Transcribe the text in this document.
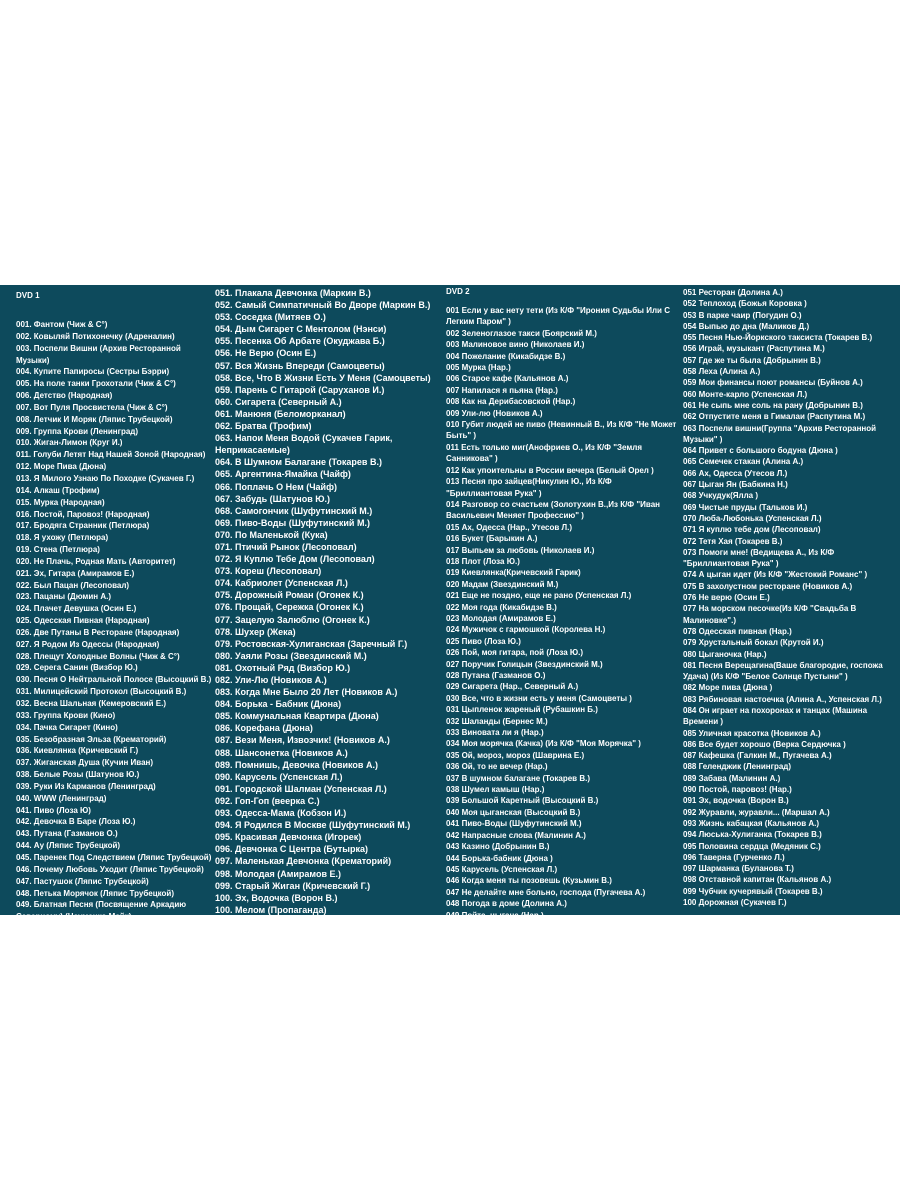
DVD 1

001. Фантом (Чиж & С°)
002. Ковыляй Потихонечку (Адреналин)
003. Поспели Вишни (Архив Ресторанной Музыки)
004. Купите Папиросы (Сестры Бэрри)
005. На поле танки Грохотали (Чиж & С°)
006. Детство (Народная)
007. Вот Пуля Просвистела (Чиж & С°)
008. Летчик И Моряк (Ляпис Трубецкой)
009. Группа Крови (Ленинград)
010. Жиган-Лимон (Круг И.)
011. Голуби Летят Над Нашей Зоной (Народная)
012. Море Пива (Дюна)
013. Я Милого Узнаю По Походке (Сукачев Г.)
014. Алкаш (Трофим)
015. Мурка (Народная)
016. Постой, Паровоз! (Народная)
017. Бродяга Странник (Петлюра)
018. Я ухожу (Петлюра)
019. Стена (Петлюра)
020. Не Плачь, Родная Мать (Авторитет)
021. Эх, Гитара (Амирамов Е.)
022. Был Пацан (Лесоповал)
023. Пацаны (Дюмин А.)
024. Плачет Девушка (Осин Е.)
025. Одесская Пивная (Народная)
026. Две Путаны В Ресторане (Народная)
027. Я Родом Из Одессы (Народная)
028. Плещут Холодные Волны (Чиж & С°)
029. Серега Санин (Визбор Ю.)
030. Песня О Нейтральной Полосе (Высоцкий В.)
031. Милицейский Протокол (Высоцкий В.)
032. Весна Шальная (Кемеровский Е.)
033. Группа Крови (Кино)
034. Пачка Сигарет (Кино)
035. Безобразная Эльза (Крематорий)
036. Киевлянка (Кричевский Г.)
037. Жиганская Душа (Кучин Иван)
038. Белые Розы (Шатунов Ю.)
039. Руки Из Карманов (Ленинград)
040. WWW (Ленинград)
041. Пиво (Лоза Ю)
042. Девочка В Баре (Лоза Ю.)
043. Путана (Газманов О.)
044. Ау (Ляпис Трубецкой)
045. Паренек Под Следствием (Ляпис Трубецкой)
046. Почему Любовь Уходит (Ляпис Трубецкой)
047. Пастушок (Ляпис Трубецкой)
048. Петька Морячок (Ляпис Трубецкой)
049. Блатная Песня (Посвящение Аркадию Северному) (Науменко Майк)
051. Плакала Девчонка (Маркин В.)
052. Самый Симпатичный Во Дворе (Маркин В.)
053. Соседка (Митяев О.)
054. Дым Сигарет С Ментолом (Нэнси)
055. Песенка Об Арбате (Окуджава Б.)
056. Не Верю (Осин Е.)
057. Вся Жизнь Впереди (Самоцветы)
058. Все, Что В Жизни Есть У Меня (Самоцветы)
059. Парень С Гитарой (Саруханов И.)
060. Сигарета (Северный А.)
061. Манюня (Беломорканал)
062. Братва (Трофим)
063. Напои Меня Водой (Сукачев Гарик, Неприкасаемые)
064. В Шумном Балагане (Токарев В.)
065. Аргентина-Ямайка (Чайф)
066. Поплачь О Нем (Чайф)
067. Забудь (Шатунов Ю.)
068. Самогончик (Шуфутинский М.)
069. Пиво-Воды (Шуфутинский М.)
070. По Маленькой (Кука)
071. Птичий Рынок (Лесоповал)
072. Я Куплю Тебе Дом (Лесоповал)
073. Кореш (Лесоповал)
074. Кабриолет (Успенская Л.)
075. Дорожный Роман (Огонек К.)
076. Прощай, Сережка (Огонек К.)
077. Зацелую Залюблю (Огонек К.)
078. Шухер (Жека)
079. Ростовская-Хулиганская (Заречный Г.)
080. Уаяли Розы (Звездинский М.)
081. Охотный Ряд (Визбор Ю.)
082. Ули-Лю (Новиков А.)
083. Когда Мне Было 20 Лет (Новиков А.)
084. Борька - Бабник (Дюна)
085. Коммунальная Квартира (Дюна)
086. Корефана (Дюна)
087. Вези Меня, Извозчик! (Новиков А.)
088. Шансонетка (Новиков А.)
089. Помнишь, Девочка (Новиков А.)
090. Карусель (Успенская Л.)
091. Городской Шалман (Успенская Л.)
092. Гоп-Гоп (веерка С.)
093. Одесса-Мама (Кобзон И.)
094. Я Родился В Москве (Шуфутинский М.)
095. Красивая Девчонка (Игорек)
096. Девчонка С Центра (Бутырка)
097. Маленькая Девчонка (Крематорий)
098. Молодая (Амирамов Е.)
099. Старый Жиган (Кричевский Г.)
100. Эх, Водочка (Ворон В.)
100. Мелом (Пропаганда)

DVD 2

001 Если у вас нету тети (Из К/Ф "Ирония Судьбы Или С Легким Паром" )
002 Зеленоглазое такси (Боярский М.)
003 Малиновое вино (Николаев И.)
004 Пожелание (Кикабидзе В.)
005 Мурка (Нар.)
006 Старое кафе (Кальянов А.)
007 Напилася я пьяна (Нар.)
008 Как на Дерибасовской (Нар.)
009 Ули-лю (Новиков А.)
010 Губит людей не пиво (Невинный В., Из К/Ф "Не Может Быть" )
011 Есть только миг(Анофриев О., Из К/Ф "Земля Санникова" )
012 Как упоительны в России вечера (Белый Орел )
013 Песня про зайцев(Никулин Ю., Из К/Ф "Бриллиантовая Рука" )
014 Разговор со счастьем (Золотухин В.,Из К/Ф "Иван Васильевич Меняет Профессию" )
015 Ах, Одесса (Нар., Утесов Л.)
016 Букет (Барыкин А.)
017 Выпьем за любовь (Николаев И.)
018 Плот (Лоза Ю.)
019 Киевлянка(Кричевский Гарик)
020 Мадам (Звездинский М.)
021 Еще не поздно, еще не рано (Успенская Л.)
022 Моя года (Кикабидзе В.)
023 Молодая (Амирамов Е.)
024 Мужичок с гармошкой (Королева Н.)
025 Пиво (Лоза Ю.)
026 Пой, моя гитара, пой (Лоза Ю.)
027 Поручик Голицын (Звездинский М.)
028 Путана (Газманов О.)
029 Сигарета (Нар., Северный А.)
030 Все, что в жизни есть у меня (Самоцветы )
031 Цыпленок жареный (Рубашкин Б.)
032 Шаланды (Бернес М.)
033 Виновата ли я (Нар.)
034 Моя морячка (Качка) (Из К/Ф "Моя Морячка" )
035 Ой, мороз, мороз (Шаврина Е.)
036 Ой, то не вечер (Нар.)
037 В шумном балагане (Токарев В.)
038 Шумел камыш (Нар.)
039 Большой Каретный (Высоцкий В.)
040 Моя цыганская (Высоцкий В.)
041 Пиво-Воды (Шуфутинский М.)
042 Напрасные слова (Малинин А.)
043 Казино (Добрынин В.)
044 Борька-бабник (Дюна )
045 Карусель (Успенская Л.)
046 Когда меня ты позовешь (Кузьмин В.)
047 Не делайте мне больно, господа (Пугачева А.)
048 Погода в доме (Долина А.)
049 Пойте, цыгане (Нар.)
050 Пропадаю я (Успенская Л.)
051 Ресторан (Долина А.)
052 Теплоход (Божья Коровка )
053 В парке чаир (Погудин О.)
054 Выпью до дна (Маликов Д.)
055 Песня Нью-Йоркского таксиста (Токарев В.)
056 Играй, музыкант (Распутина М.)
057 Где же ты была (Добрынин В.)
058 Леха (Алина А.)
059 Мои финансы поют романсы (Буйнов А.)
060 Монте-карло (Успенская Л.)
061 Не сыпь мне соль на рану (Добрынин В.)
062 Отпустите меня в Гималаи (Распутина М.)
063 Поспели вишни(Группа "Архив Ресторанной Музыки" )
064 Привет с большого бодуна (Дюна )
065 Семечек стакан (Алина А.)
066 Ах, Одесса (Утесов Л.)
067 Цыган Ян (Бабкина Н.)
068 Учкудук(Ялла )
069 Чистые пруды (Тальков И.)
070 Люба-Любонька (Успенская Л.)
071 Я куплю тебе дом (Лесоповал)
072 Тетя Хая (Токарев В.)
073 Помоги мне! (Ведищева А., Из К/Ф "Бриллиантовая Рука" )
074 А цыган идет (Из К/Ф "Жестокий Романс" )
075 В захолустном ресторане (Новиков А.)
076 Не верю (Осин Е.)
077 На морском песочке(Из К/Ф "Свадьба В Малиновке".)
078 Одесская пивная (Нар.)
079 Хрустальный бокал (Крутой И.)
080 Цыганочка (Нар.)
081 Песня Верещагина(Ваше благородие, госпожа Удача) (Из К/Ф "Белое Солнце Пустыни" )
082 Море пива (Дюна )
083 Рябиновая настоечка (Алина А., Успенская Л.)
084 Он играет на похоронах и танцах (Машина Времени )
085 Уличная красотка (Новиков А.)
086 Все будет хорошо (Верка Сердючка )
087 Кафешка (Галкин М., Пугачева А.)
088 Геленджик (Ленинград)
089 Забава (Малинин А.)
090 Постой, паровоз! (Нар.)
091 Эх, водочка (Ворон В.)
092 Журавли, журавли... (Маршал А.)
093 Жизнь кабацкая (Кальянов А.)
094 Люська-Хулиганка (Токарев В.)
095 Половина сердца (Медяник С.)
096 Таверна (Гурченко Л.)
097 Шарманка (Буланова Т.)
098 Отставной капитан (Кальянов А.)
099 Чубчик кучерявый (Токарев В.)
100 Дорожная (Сукачев Г.)
